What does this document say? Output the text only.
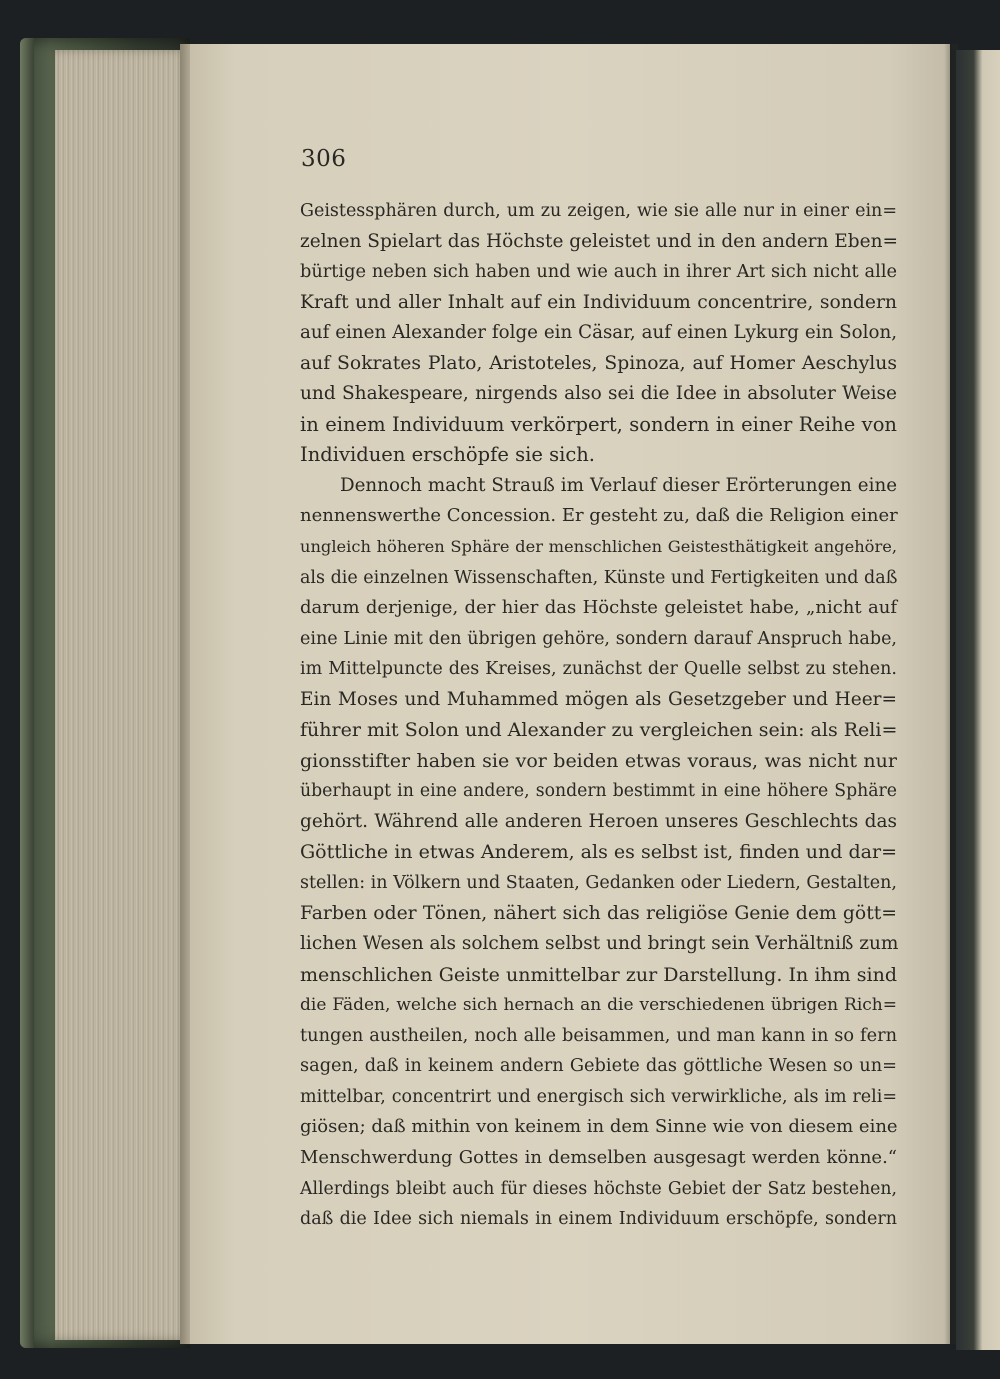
306
Geistessphären durch, um zu zeigen, wie sie alle nur in einer ein=
zelnen Spielart das Höchste geleistet und in den andern Eben=
bürtige neben sich haben und wie auch in ihrer Art sich nicht alle
Kraft und aller Inhalt auf ein Individuum concentrire, sondern
auf einen Alexander folge ein Cäsar, auf einen Lykurg ein Solon,
auf Sokrates Plato, Aristoteles, Spinoza, auf Homer Aeschylus
und Shakespeare, nirgends also sei die Idee in absoluter Weise
in einem Individuum verkörpert, sondern in einer Reihe von
Individuen erschöpfe sie sich.
Dennoch macht Strauß im Verlauf dieser Erörterungen eine
nennenswerthe Concession. Er gesteht zu, daß die Religion einer
ungleich höheren Sphäre der menschlichen Geistesthätigkeit angehöre,
als die einzelnen Wissenschaften, Künste und Fertigkeiten und daß
darum derjenige, der hier das Höchste geleistet habe, „nicht auf
eine Linie mit den übrigen gehöre, sondern darauf Anspruch habe,
im Mittelpuncte des Kreises, zunächst der Quelle selbst zu stehen.
Ein Moses und Muhammed mögen als Gesetzgeber und Heer=
führer mit Solon und Alexander zu vergleichen sein: als Reli=
gionsstifter haben sie vor beiden etwas voraus, was nicht nur
überhaupt in eine andere, sondern bestimmt in eine höhere Sphäre
gehört. Während alle anderen Heroen unseres Geschlechts das
Göttliche in etwas Anderem, als es selbst ist, finden und dar=
stellen: in Völkern und Staaten, Gedanken oder Liedern, Gestalten,
Farben oder Tönen, nähert sich das religiöse Genie dem gött=
lichen Wesen als solchem selbst und bringt sein Verhältniß zum
menschlichen Geiste unmittelbar zur Darstellung. In ihm sind
die Fäden, welche sich hernach an die verschiedenen übrigen Rich=
tungen austheilen, noch alle beisammen, und man kann in so fern
sagen, daß in keinem andern Gebiete das göttliche Wesen so un=
mittelbar, concentrirt und energisch sich verwirkliche, als im reli=
giösen; daß mithin von keinem in dem Sinne wie von diesem eine
Menschwerdung Gottes in demselben ausgesagt werden könne.“
Allerdings bleibt auch für dieses höchste Gebiet der Satz bestehen,
daß die Idee sich niemals in einem Individuum erschöpfe, sondern
